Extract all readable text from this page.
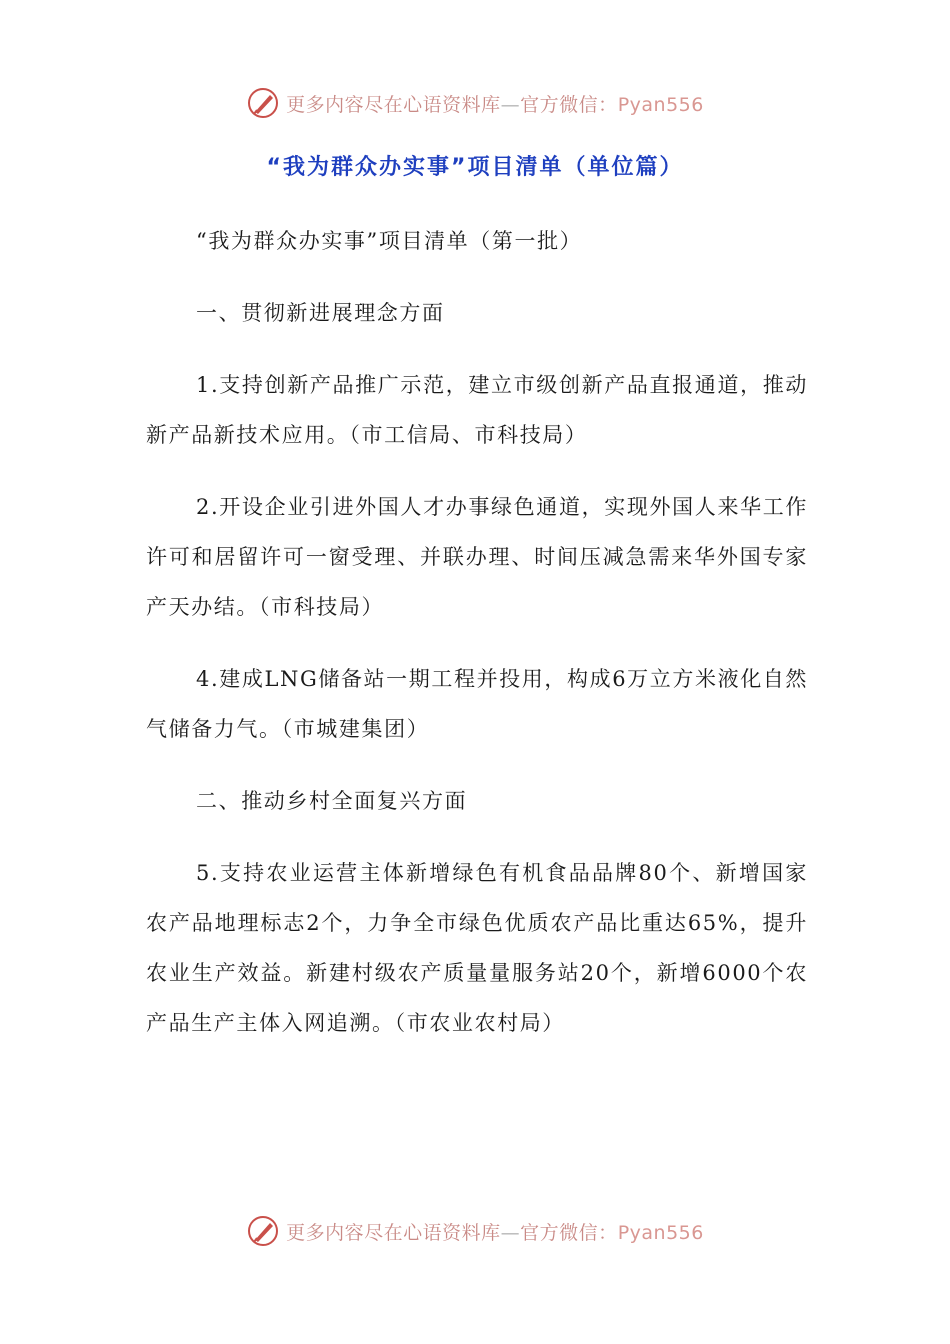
更多内容尽在心语资料库—官方微信：Pyan556
“我为群众办实事”项目清单（单位篇）

“我为群众办实事”项目清单（第一批）

一、贯彻新进展理念方面

1.支持创新产品推广示范，建立市级创新产品直报通道，推动新产品新技术应用。（市工信局、市科技局）

2.开设企业引进外国人才办事绿色通道，实现外国人来华工作许可和居留许可一窗受理、并联办理、时间压减急需来华外国专家产天办结。（市科技局）

4.建成LNG储备站一期工程并投用，构成6万立方米液化自然 气储备力气。（市城建集团）

二、推动乡村全面复兴方面

5.支持农业运营主体新增绿色有机食品品牌80个、新增国家农产品地理标志2个，力争全市绿色优质农产品比重达65%，提升农业生产效益。新建村级农产质量量服务站20个，新增6000个农产品生产主体入网追溯。（市农业农村局）

更多内容尽在心语资料库—官方微信：Pyan556
